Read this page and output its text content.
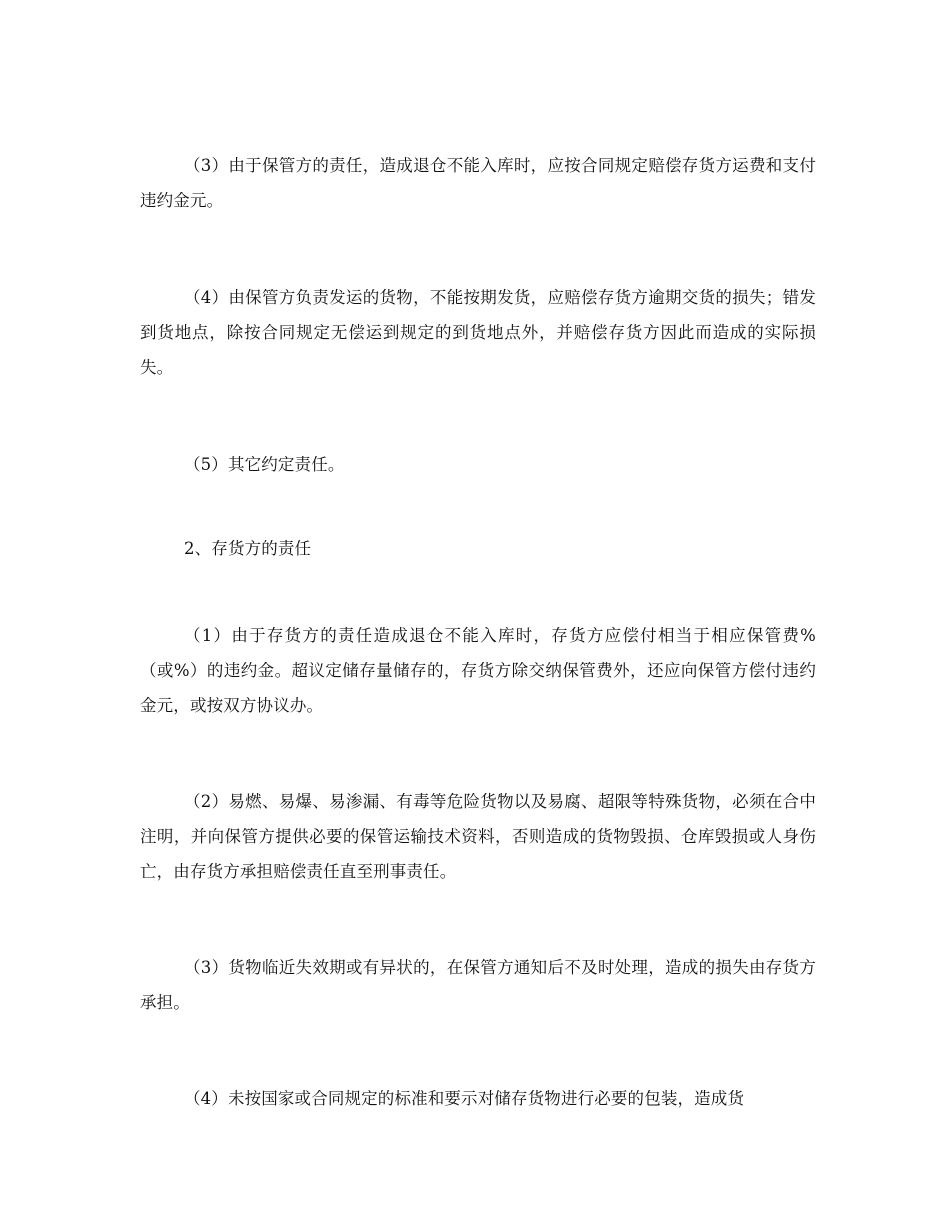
（3）由于保管方的责任，造成退仓不能入库时，应按合同规定赔偿存货方运费和支付违约金元。

（4）由保管方负责发运的货物，不能按期发货，应赔偿存货方逾期交货的损失；错发到货地点，除按合同规定无偿运到规定的到货地点外，并赔偿存货方因此而造成的实际损失。

（5）其它约定责任。

2、存货方的责任

（1）由于存货方的责任造成退仓不能入库时，存货方应偿付相当于相应保管费%（或%）的违约金。超议定储存量储存的，存货方除交纳保管费外，还应向保管方偿付违约金元，或按双方协议办。

（2）易燃、易爆、易渗漏、有毒等危险货物以及易腐、超限等特殊货物，必须在合中注明，并向保管方提供必要的保管运输技术资料，否则造成的货物毁损、仓库毁损或人身伤亡，由存货方承担赔偿责任直至刑事责任。

（3）货物临近失效期或有异状的，在保管方通知后不及时处理，造成的损失由存货方承担。

（4）未按国家或合同规定的标准和要示对储存货物进行必要的包装，造成货
